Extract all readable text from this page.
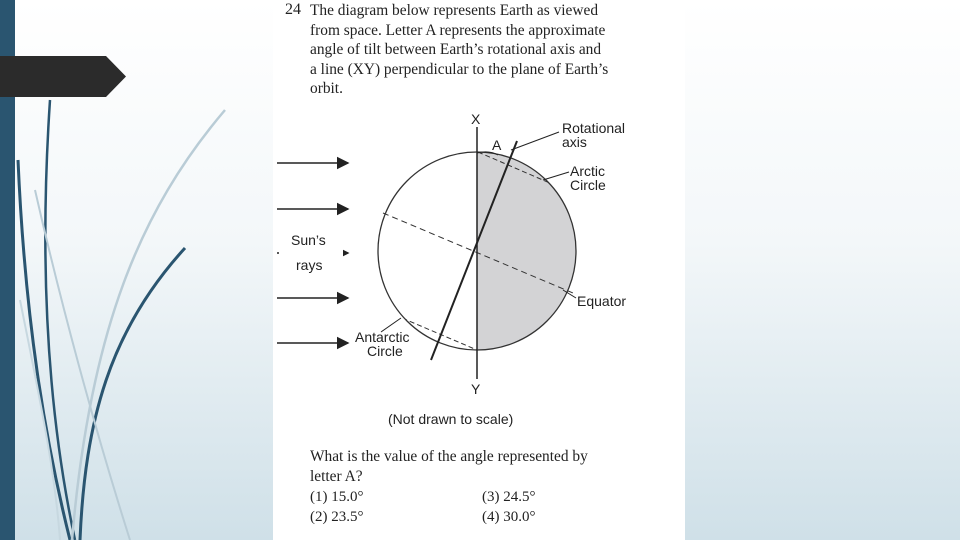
24 The diagram below represents Earth as viewed
from space. Letter A represents the approximate
angle of tilt between Earth’s rotational axis and
a line (XY) perpendicular to the plane of Earth’s
orbit.
X
A
Y
Rotational
axis
Arctic
Circle
Equator
Antarctic
Circle
Sun’s
rays
(Not drawn to scale)
What is the value of the angle represented by
letter A?
(1) 15.0°
(2) 23.5°
(3) 24.5°
(4) 30.0°
